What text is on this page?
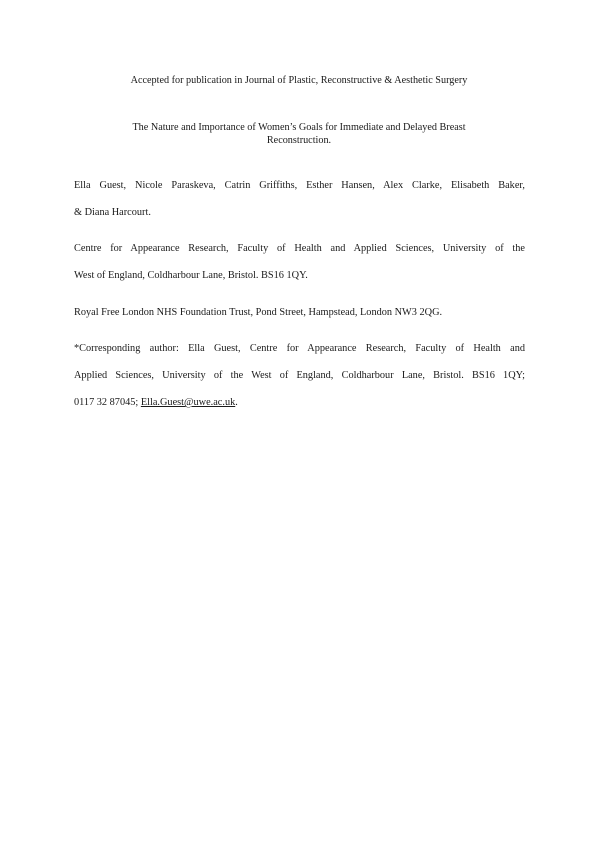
Accepted for publication in Journal of Plastic, Reconstructive & Aesthetic Surgery
The Nature and Importance of Women’s Goals for Immediate and Delayed Breast
Reconstruction.
Ella Guest, Nicole Paraskeva, Catrin Griffiths, Esther Hansen, Alex Clarke, Elisabeth Baker,
& Diana Harcourt.
Centre for Appearance Research, Faculty of Health and Applied Sciences, University of the
West of England, Coldharbour Lane, Bristol. BS16 1QY.
Royal Free London NHS Foundation Trust, Pond Street, Hampstead, London NW3 2QG.
*Corresponding author: Ella Guest, Centre for Appearance Research, Faculty of Health and
Applied Sciences, University of the West of England, Coldharbour Lane, Bristol. BS16 1QY;
0117 32 87045; Ella.Guest@uwe.ac.uk.
